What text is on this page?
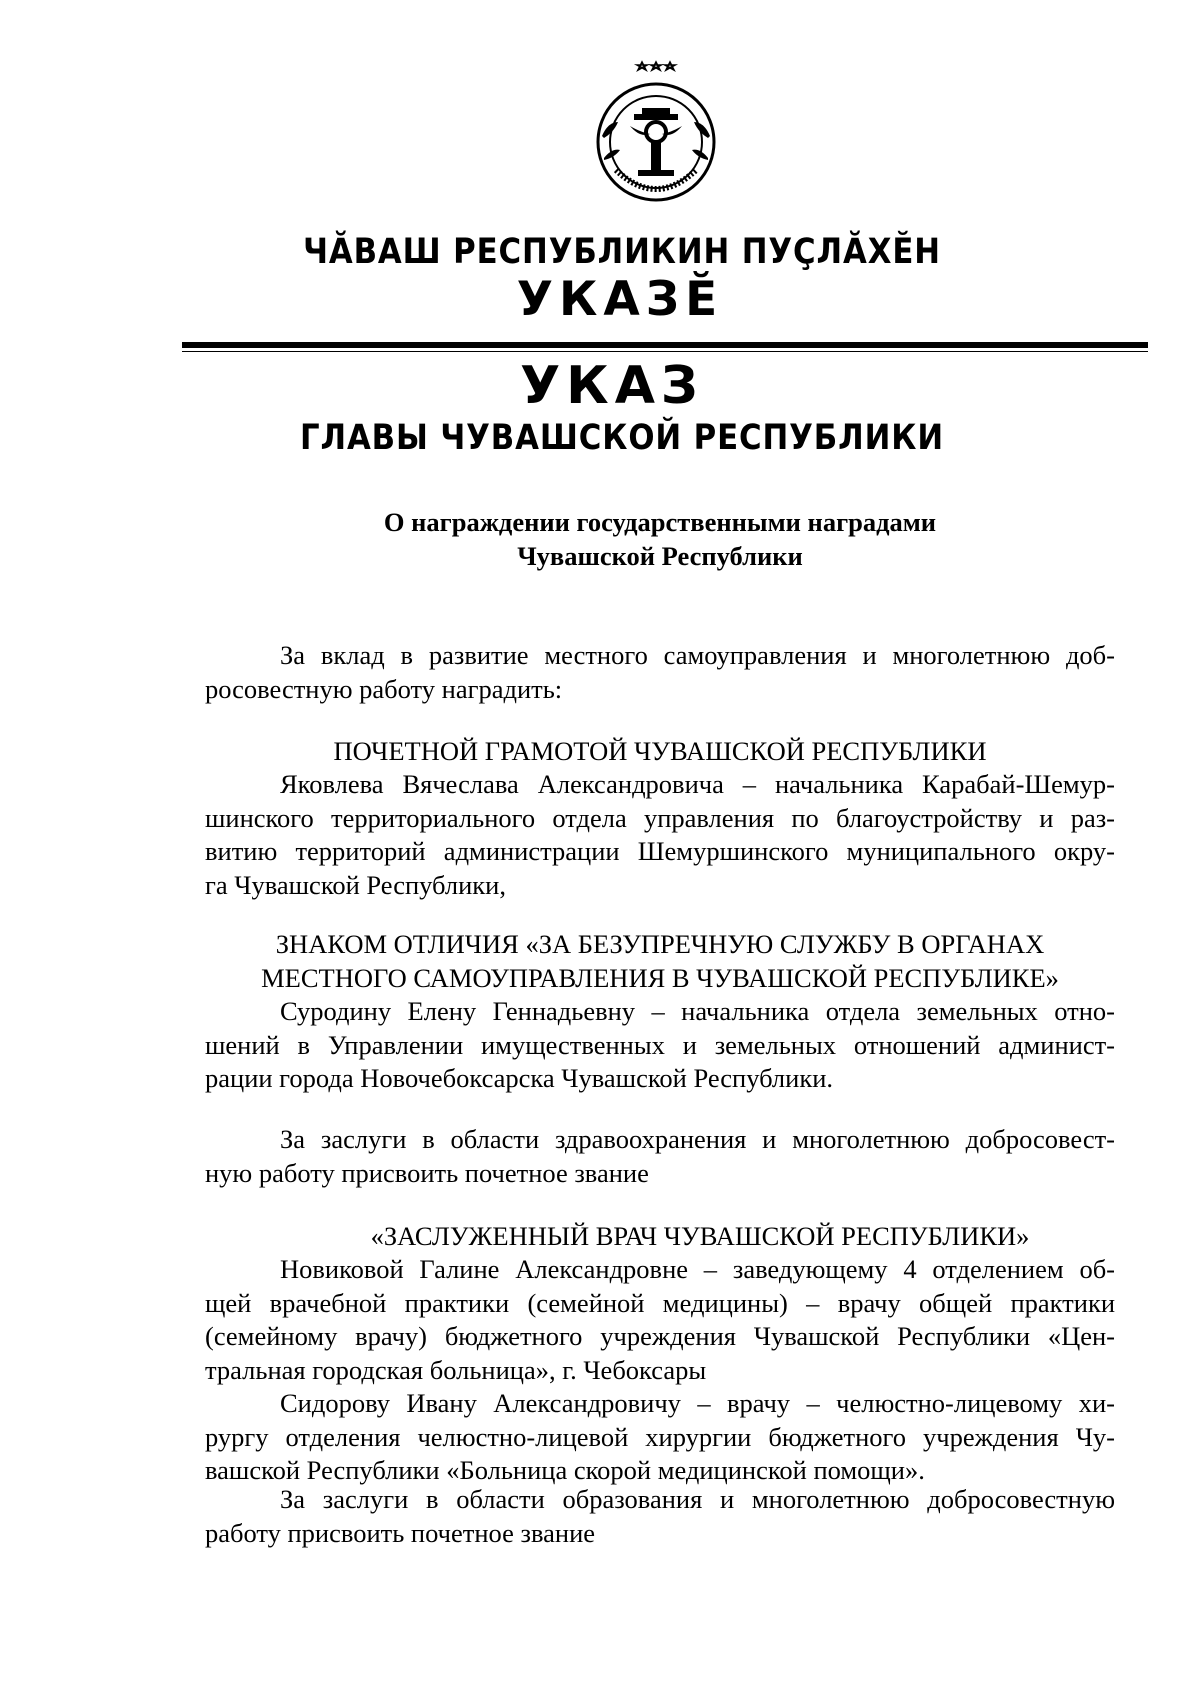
ЧĂВАШ РЕСПУБЛИКИН ПУÇЛĂХĔН
УКАЗĔ
УКАЗ
ГЛАВЫ ЧУВАШСКОЙ РЕСПУБЛИКИ
О награждении государственными наградами
Чувашской Республики
За вклад в развитие местного самоуправления и многолетнюю доб-
росовестную работу наградить:
ПОЧЕТНОЙ ГРАМОТОЙ ЧУВАШСКОЙ РЕСПУБЛИКИ
Яковлева Вячеслава Александровича – начальника Карабай-Шемур-
шинского территориального отдела управления по благоустройству и раз-
витию территорий администрации Шемуршинского муниципального окру-
га Чувашской Республики,
ЗНАКОМ ОТЛИЧИЯ «ЗА БЕЗУПРЕЧНУЮ СЛУЖБУ В ОРГАНАХ
МЕСТНОГО САМОУПРАВЛЕНИЯ В ЧУВАШСКОЙ РЕСПУБЛИКЕ»
Суродину Елену Геннадьевну – начальника отдела земельных отно-
шений в Управлении имущественных и земельных отношений админист-
рации города Новочебоксарска Чувашской Республики.
За заслуги в области здравоохранения и многолетнюю добросовест-
ную работу присвоить почетное звание
«ЗАСЛУЖЕННЫЙ ВРАЧ ЧУВАШСКОЙ РЕСПУБЛИКИ»
Новиковой Галине Александровне – заведующему 4 отделением об-
щей врачебной практики (семейной медицины) – врачу общей практики
(семейному врачу) бюджетного учреждения Чувашской Республики «Цен-
тральная городская больница», г. Чебоксары
Сидорову Ивану Александровичу – врачу – челюстно-лицевому хи-
рургу отделения челюстно-лицевой хирургии бюджетного учреждения Чу-
вашской Республики «Больница скорой медицинской помощи».
За заслуги в области образования и многолетнюю добросовестную
работу присвоить почетное звание
